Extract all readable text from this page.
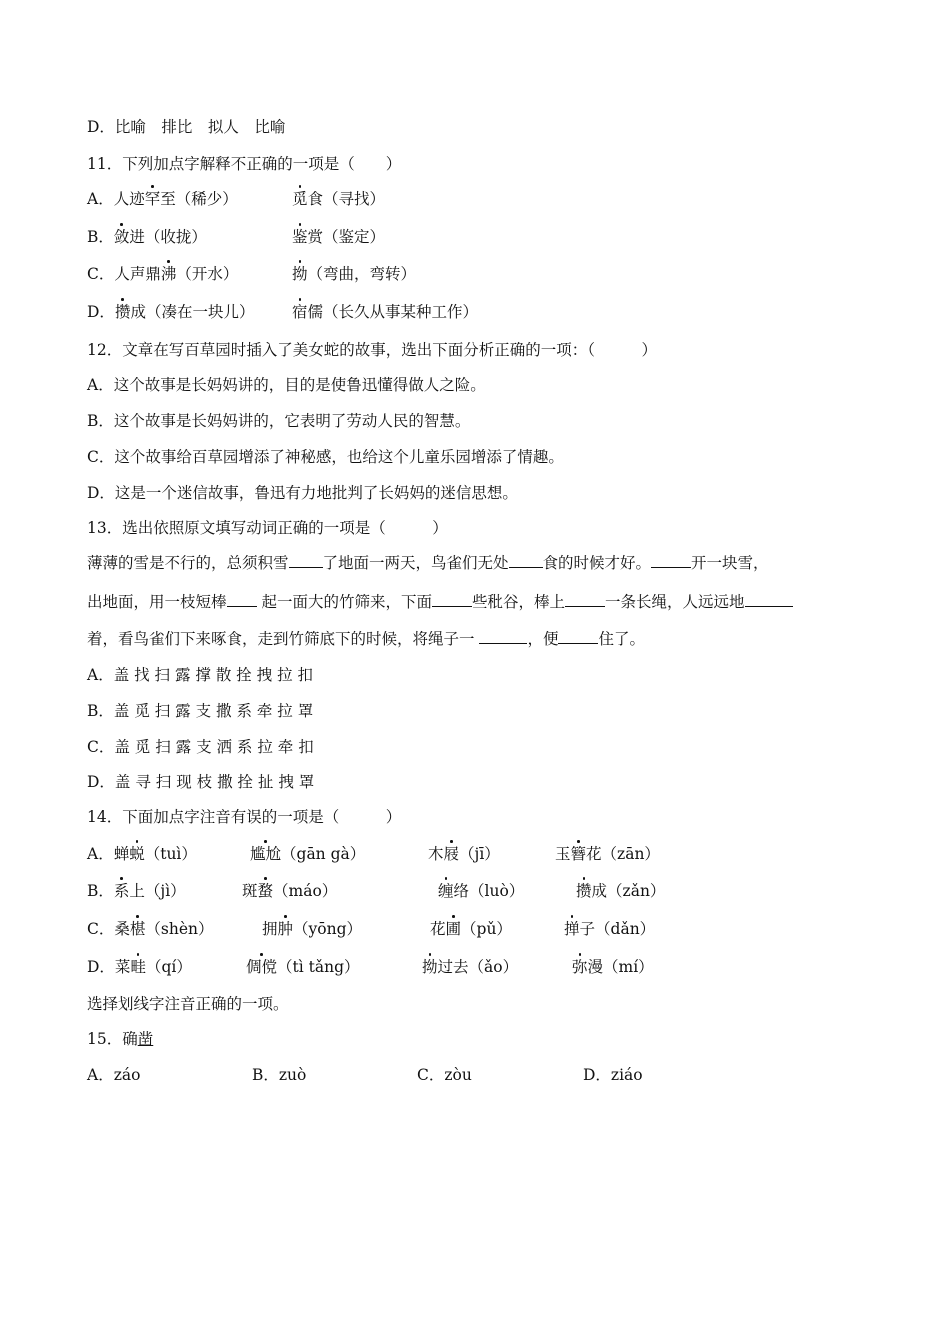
D．比喻　排比　拟人　比喻
11．下列加点字解释不正确的一项是（　　）
A．人迹罕至（稀少）	觅食（寻找）
B．敛进（收拢）	鉴赏（鉴定）
C．人声鼎沸（开水）	拗（弯曲，弯转）
D．攒成（凑在一块儿） 宿儒（长久从事某种工作）
12．文章在写百草园时插入了美女蛇的故事，选出下面分析正确的一项：（　　　）
A．这个故事是长妈妈讲的，目的是使鲁迅懂得做人之险。
B．这个故事是长妈妈讲的，它表明了劳动人民的智慧。
C．这个故事给百草园增添了神秘感，也给这个儿童乐园增添了情趣。
D．这是一个迷信故事，鲁迅有力地批判了长妈妈的迷信思想。
13．选出依照原文填写动词正确的一项是（　　　）
薄薄的雪是不行的，总须积雪 了地面一两天，鸟雀们无处 食的时候才好。	开一块雪，
出地面，用一枝短棒 起一面大的竹筛来，下面	些秕谷，棒上	一条长绳，人远远地
着，看鸟雀们下来啄食，走到竹筛底下的时候，将绳子一	，便	住了。
A．盖 找 扫 露 撑 散 拴 拽 拉 扣
B．盖 觅 扫 露 支 撒 系 牵 拉 罩
C．盖 觅 扫 露 支 洒 系 拉 牵 扣
D．盖 寻 扫 现 枝 撒 拴 扯 拽 罩
14．下面加点字注音有误的一项是（　　　）
A．蝉蜕（tuì）	尴尬（gān gà）	木屐（jī）	玉簪花（zān）
B．系上（jì）	斑蝥（máo）	缠络（luò）	攒成（zǎn）
C．桑椹（shèn）	拥肿（yōng）	花圃（pǔ）	掸子（dǎn）
D．菜畦（qí）	倜傥（tì tǎng）	拗过去（ǎo）	弥漫（mí）
选择划线字注音正确的一项。
15．确凿
A．záo	B．zuò	C．zòu	D．ziáo
